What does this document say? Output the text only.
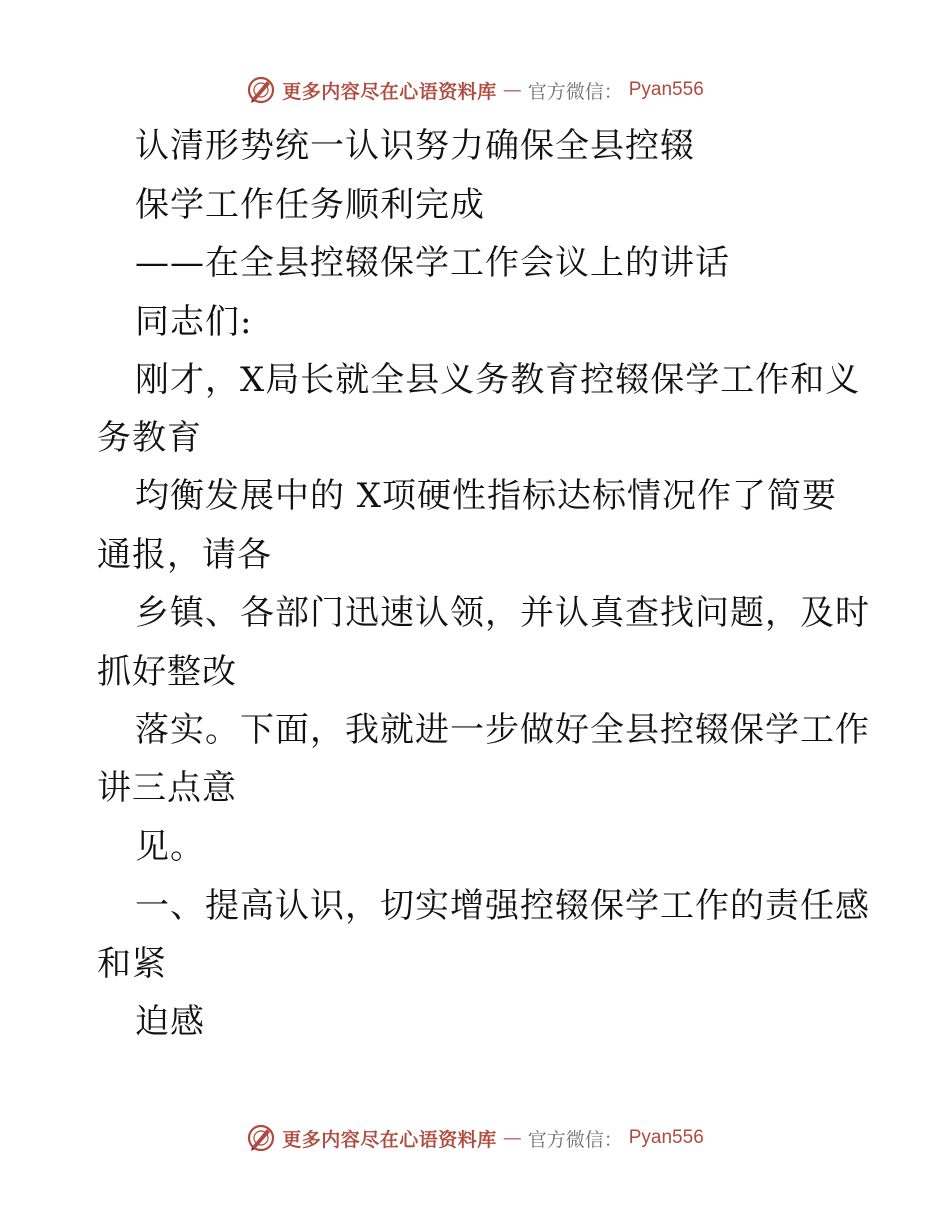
更多内容尽在心语资料库 — 官方微信： Pyan556
认清形势统一认识努力确保全县控辍
保学工作任务顺利完成
——在全县控辍保学工作会议上的讲话
同志们:
刚才，X局长就全县义务教育控辍保学工作和义
务教育
均衡发展中的 X项硬性指标达标情况作了简要
通报，请各
乡镇、各部门迅速认领，并认真查找问题，及时
抓好整改
落实。下面，我就进一步做好全县控辍保学工作
讲三点意
见。
一、提高认识，切实增强控辍保学工作的责任感
和紧
迫感
更多内容尽在心语资料库 — 官方微信： Pyan556
